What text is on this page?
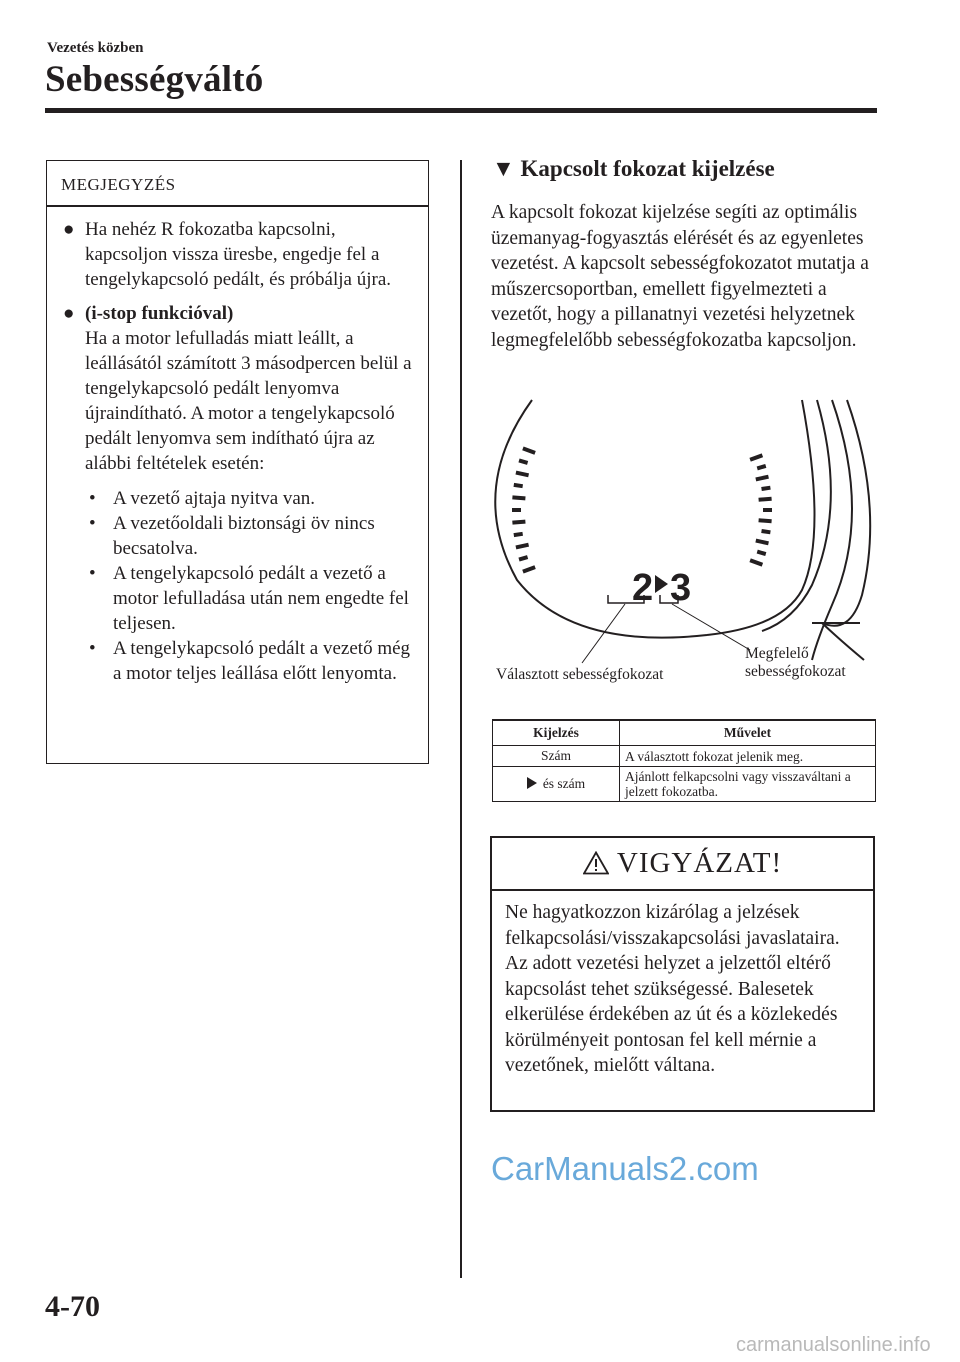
Vezetés közben
Sebességváltó
MEGJEGYZÉS
● Ha nehéz R fokozatba kapcsolni, kapcsoljon vissza üresbe, engedje fel a tengelykapcsoló pedált, és próbálja újra.
● (i-stop funkcióval)
Ha a motor lefulladás miatt leállt, a leállásától számított 3 másodpercen belül a tengelykapcsoló pedált lenyomva újraindítható. A motor a tengelykapcsoló pedált lenyomva sem indítható újra az alábbi feltételek esetén:
• A vezető ajtaja nyitva van.
• A vezetőoldali biztonsági öv nincs becsatolva.
• A tengelykapcsoló pedált a vezető a motor lefulladása után nem engedte fel teljesen.
• A tengelykapcsoló pedált a vezető még a motor teljes leállása előtt lenyomta.
▼ Kapcsolt fokozat kijelzése
A kapcsolt fokozat kijelzése segíti az optimális üzemanyag-fogyasztás elérését és az egyenletes vezetést. A kapcsolt sebességfokozatot mutatja a műszercsoportban, emellett figyelmezteti a vezetőt, hogy a pillanatnyi vezetési helyzetnek legmegfelelőbb sebességfokozatba kapcsoljon.
2 3
Választott sebességfokozat
Megfelelő
sebességfokozat
Kijelzés	Művelet
Szám	A választott fokozat jelenik meg.
és szám	Ajánlott felkapcsolni vagy visszaváltani a jelzett fokozatba.
VIGYÁZAT!
Ne hagyatkozzon kizárólag a jelzések felkapcsolási/visszakapcsolási javaslataira. Az adott vezetési helyzet a jelzettől eltérő kapcsolást tehet szükségessé. Balesetek elkerülése érdekében az út és a közlekedés körülményeit pontosan fel kell mérnie a vezetőnek, mielőtt váltana.
CarManuals2.com
4-70
carmanualsonline.info
